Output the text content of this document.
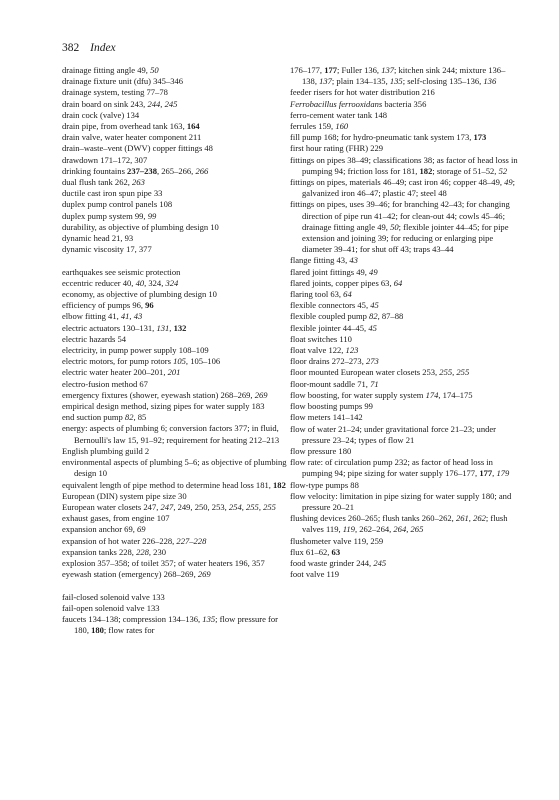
382 Index
drainage fitting angle 49, 50
drainage fixture unit (dfu) 345–346
drainage system, testing 77–78
drain board on sink 243, 244, 245
drain cock (valve) 134
drain pipe, from overhead tank 163, 164
drain valve, water heater component 211
drain–waste–vent (DWV) copper fittings 48
drawdown 171–172, 307
drinking fountains 237–238, 265–266, 266
dual flush tank 262, 263
ductile cast iron spun pipe 33
duplex pump control panels 108
duplex pump system 99, 99
durability, as objective of plumbing design 10
dynamic head 21, 93
dynamic viscosity 17, 377
earthquakes see seismic protection
eccentric reducer 40, 40, 324, 324
economy, as objective of plumbing design 10
efficiency of pumps 96, 96
elbow fitting 41, 41, 43
electric actuators 130–131, 131, 132
electric hazards 54
electricity, in pump power supply 108–109
electric motors, for pump rotors 105, 105–106
electric water heater 200–201, 201
electro-fusion method 67
emergency fixtures (shower, eyewash station) 268–269, 269
empirical design method, sizing pipes for water supply 183
end suction pump 82, 85
energy: aspects of plumbing 6; conversion factors 377; in fluid, Bernoulli's law 15, 91–92; requirement for heating 212–213
English plumbing guild 2
environmental aspects of plumbing 5–6; as objective of plumbing design 10
equivalent length of pipe method to determine head loss 181, 182
European (DIN) system pipe size 30
European water closets 247, 247, 249, 250, 253, 254, 255, 255
exhaust gases, from engine 107
expansion anchor 69, 69
expansion of hot water 226–228, 227–228
expansion tanks 228, 228, 230
explosion 357–358; of toilet 357; of water heaters 196, 357
eyewash station (emergency) 268–269, 269
fail-closed solenoid valve 133
fail-open solenoid valve 133
faucets 134–138; compression 134–136, 135; flow pressure for 180, 180; flow rates for
176–177, 177; Fuller 136, 137; kitchen sink 244; mixture 136–138, 137; plain 134–135, 135; self-closing 135–136, 136
feeder risers for hot water distribution 216
Ferrobacillus ferrooxidans bacteria 356
ferro-cement water tank 148
ferrules 159, 160
fill pump 168; for hydro-pneumatic tank system 173, 173
first hour rating (FHR) 229
fittings on pipes 38–49; classifications 38; as factor of head loss in pumping 94; friction loss for 181, 182; storage of 51–52, 52
fittings on pipes, materials 46–49; cast iron 46; copper 48–49, 49; galvanized iron 46–47; plastic 47; steel 48
fittings on pipes, uses 39–46; for branching 42–43; for changing direction of pipe run 41–42; for clean-out 44; cowls 45–46; drainage fitting angle 49, 50; flexible jointer 44–45; for pipe extension and joining 39; for reducing or enlarging pipe diameter 39–41; for shut off 43; traps 43–44
flange fitting 43, 43
flared joint fittings 49, 49
flared joints, copper pipes 63, 64
flaring tool 63, 64
flexible connectors 45, 45
flexible coupled pump 82, 87–88
flexible jointer 44–45, 45
float switches 110
float valve 122, 123
floor drains 272–273, 273
floor mounted European water closets 253, 255, 255
floor-mount saddle 71, 71
flow boosting, for water supply system 174, 174–175
flow boosting pumps 99
flow meters 141–142
flow of water 21–24; under gravitational force 21–23; under pressure 23–24; types of flow 21
flow pressure 180
flow rate: of circulation pump 232; as factor of head loss in pumping 94; pipe sizing for water supply 176–177, 177, 179
flow-type pumps 88
flow velocity: limitation in pipe sizing for water supply 180; and pressure 20–21
flushing devices 260–265; flush tanks 260–262, 261, 262; flush valves 119, 119, 262–264, 264, 265
flushometer valve 119, 259
flux 61–62, 63
food waste grinder 244, 245
foot valve 119
